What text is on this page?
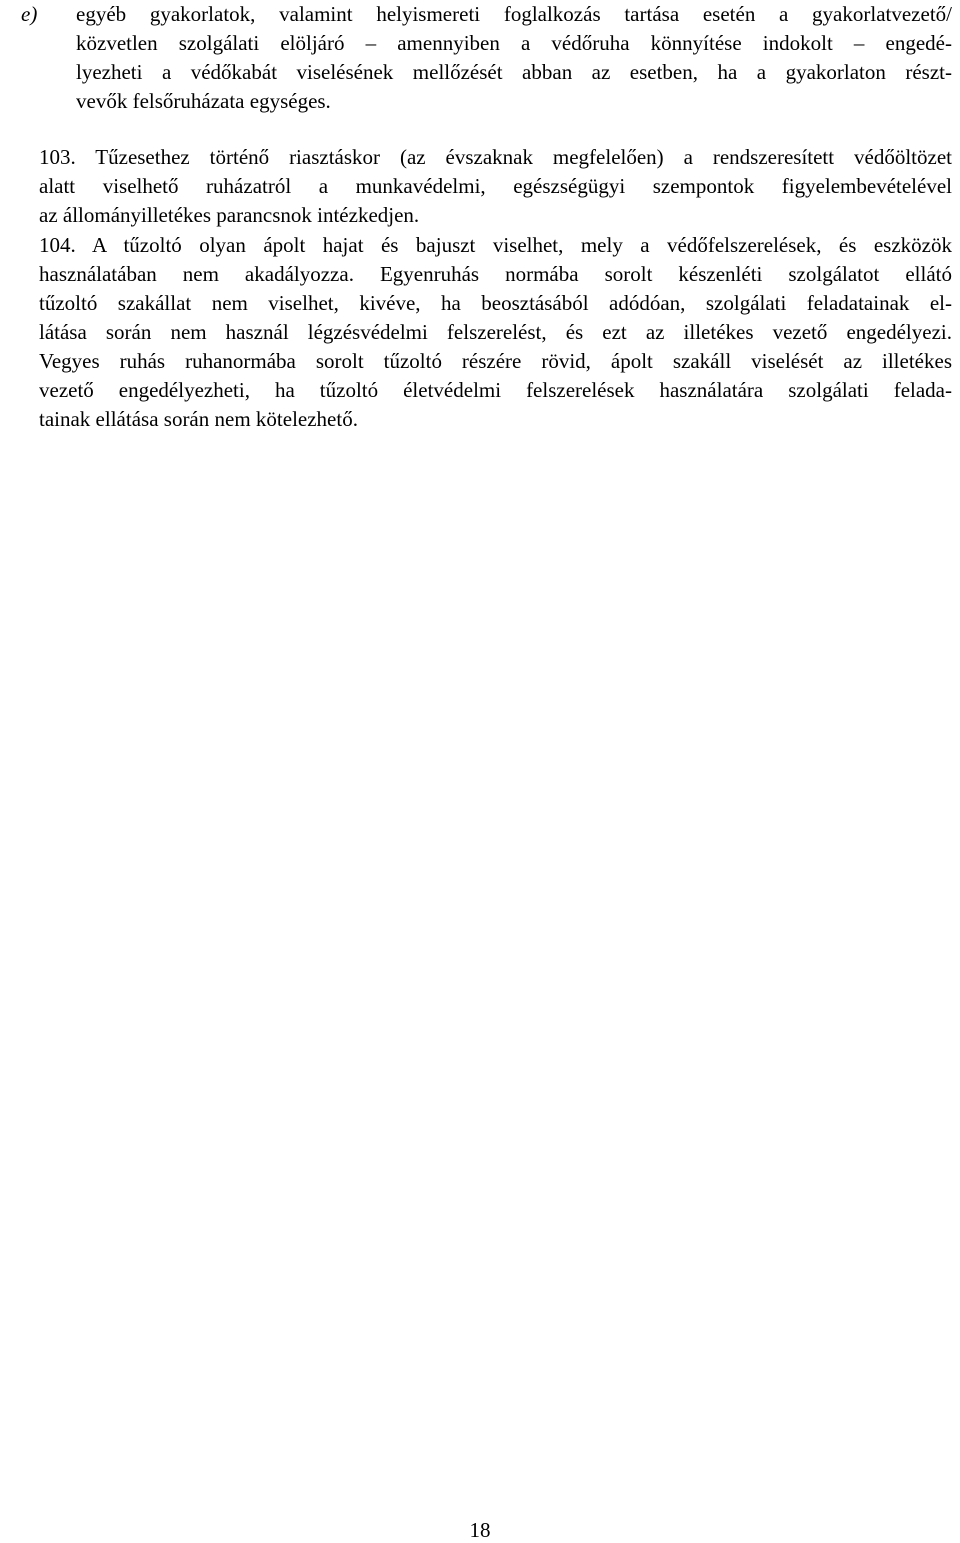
e) egyéb gyakorlatok, valamint helyismereti foglalkozás tartása esetén a gyakorlatvezető/
közvetlen szolgálati elöljáró – amennyiben a védőruha könnyítése indokolt – engedé-
lyezheti a védőkabát viselésének mellőzését abban az esetben, ha a gyakorlaton részt-
vevők felsőruházata egységes.
103. Tűzesethez történő riasztáskor (az évszaknak megfelelően) a rendszeresített védőöltözet
alatt viselhető ruházatról a munkavédelmi, egészségügyi szempontok figyelembevételével
az állományilletékes parancsnok intézkedjen.
104. A tűzoltó olyan ápolt hajat és bajuszt viselhet, mely a védőfelszerelések, és eszközök
használatában nem akadályozza. Egyenruhás normába sorolt készenléti szolgálatot ellátó
tűzoltó szakállat nem viselhet, kivéve, ha beosztásából adódóan, szolgálati feladatainak el-
látása során nem használ légzésvédelmi felszerelést, és ezt az illetékes vezető engedélyezi.
Vegyes ruhás ruhanormába sorolt tűzoltó részére rövid, ápolt szakáll viselését az illetékes
vezető engedélyezheti, ha tűzoltó életvédelmi felszerelések használatára szolgálati felada-
tainak ellátása során nem kötelezhető.
18
